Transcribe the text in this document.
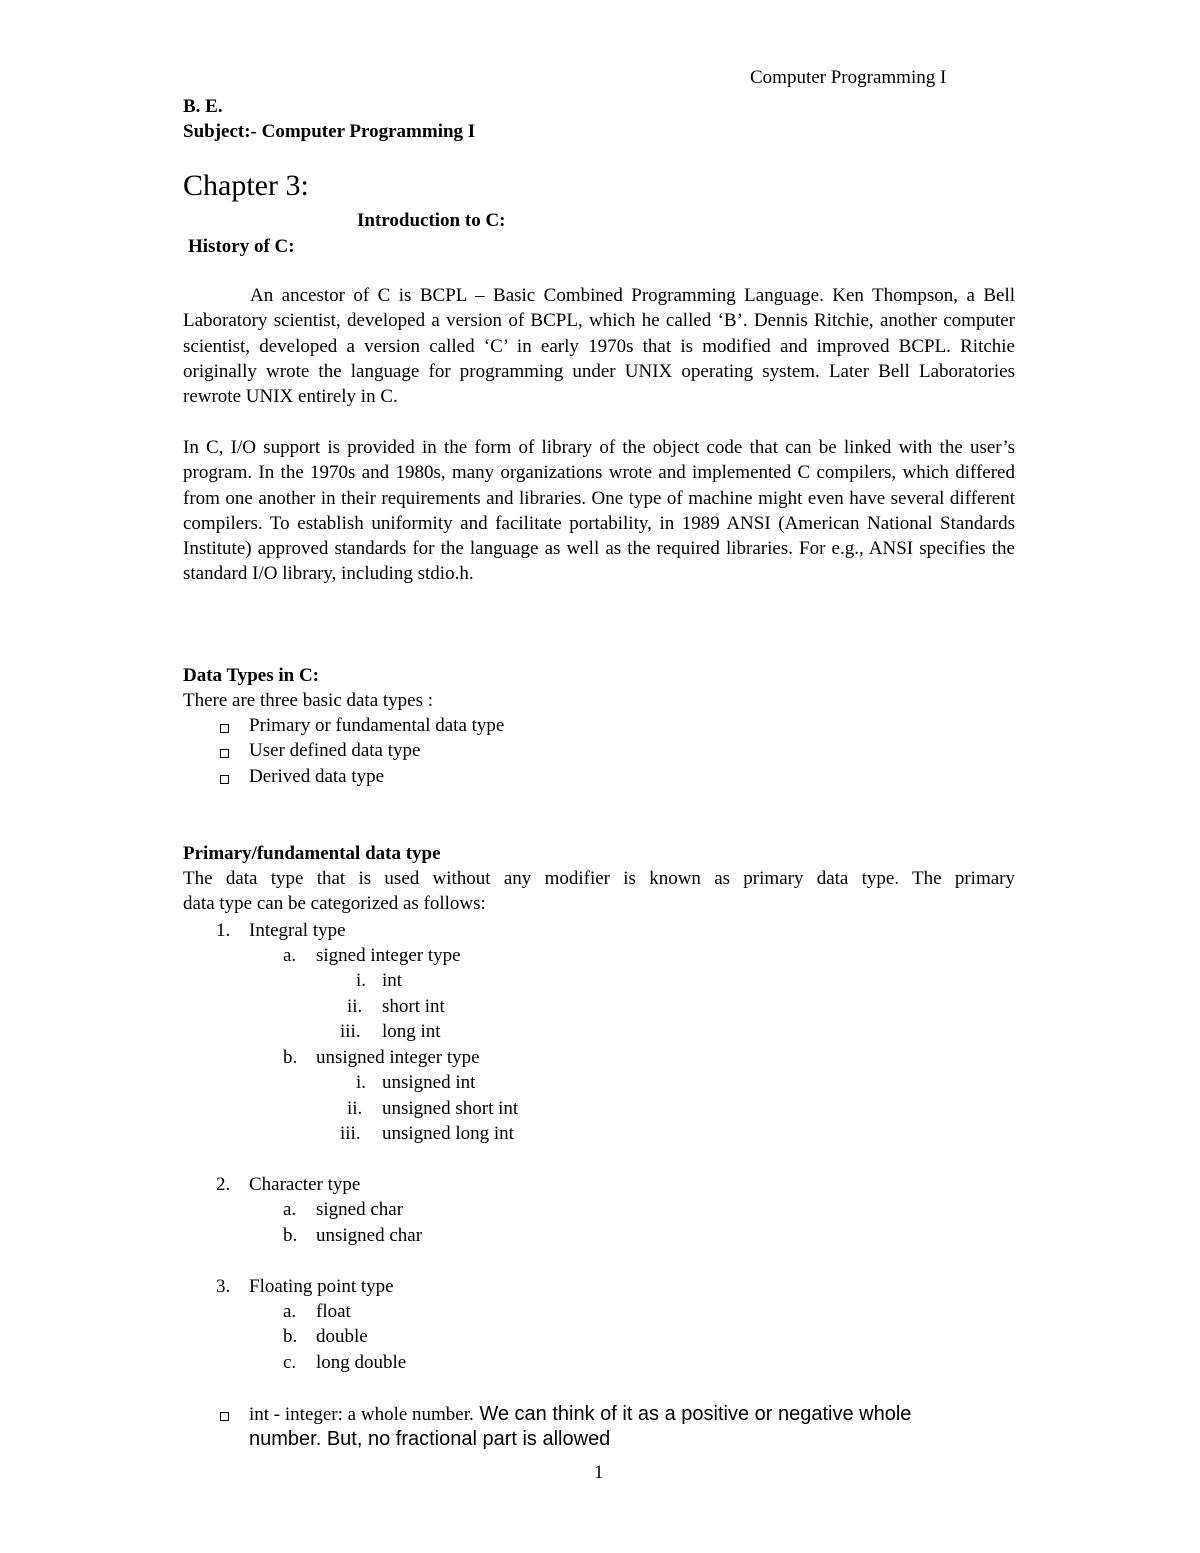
Computer Programming I
B. E.
Subject:- Computer Programming I
Chapter 3:
Introduction to C:
History of C:
An ancestor of C is BCPL – Basic Combined Programming Language. Ken Thompson, a Bell Laboratory scientist, developed a version of BCPL, which he called ‘B’. Dennis Ritchie, another computer scientist, developed a version called ‘C’ in early 1970s that is modified and improved BCPL. Ritchie originally wrote the language for programming under UNIX operating system. Later Bell Laboratories rewrote UNIX entirely in C.
In C, I/O support is provided in the form of library of the object code that can be linked with the user’s program. In the 1970s and 1980s, many organizations wrote and implemented C compilers, which differed from one another in their requirements and libraries. One type of machine might even have several different compilers. To establish uniformity and facilitate portability, in 1989 ANSI (American National Standards Institute) approved standards for the language as well as the required libraries. For e.g., ANSI specifies the standard I/O library, including stdio.h.
Data Types in C:
There are three basic data types :
Primary or fundamental data type
User defined data type
Derived data type
Primary/fundamental data type
The data type that is used without any modifier is known as primary data type. The primary
data type can be categorized as follows:
1. Integral type
a. signed integer type
i. int
ii. short int
iii. long int
b. unsigned integer type
i. unsigned int
ii. unsigned short int
iii. unsigned long int
2. Character type
a. signed char
b. unsigned char
3. Floating point type
a. float
b. double
c. long double
int - integer: a whole number. We can think of it as a positive or negative whole
number. But, no fractional part is allowed
1
